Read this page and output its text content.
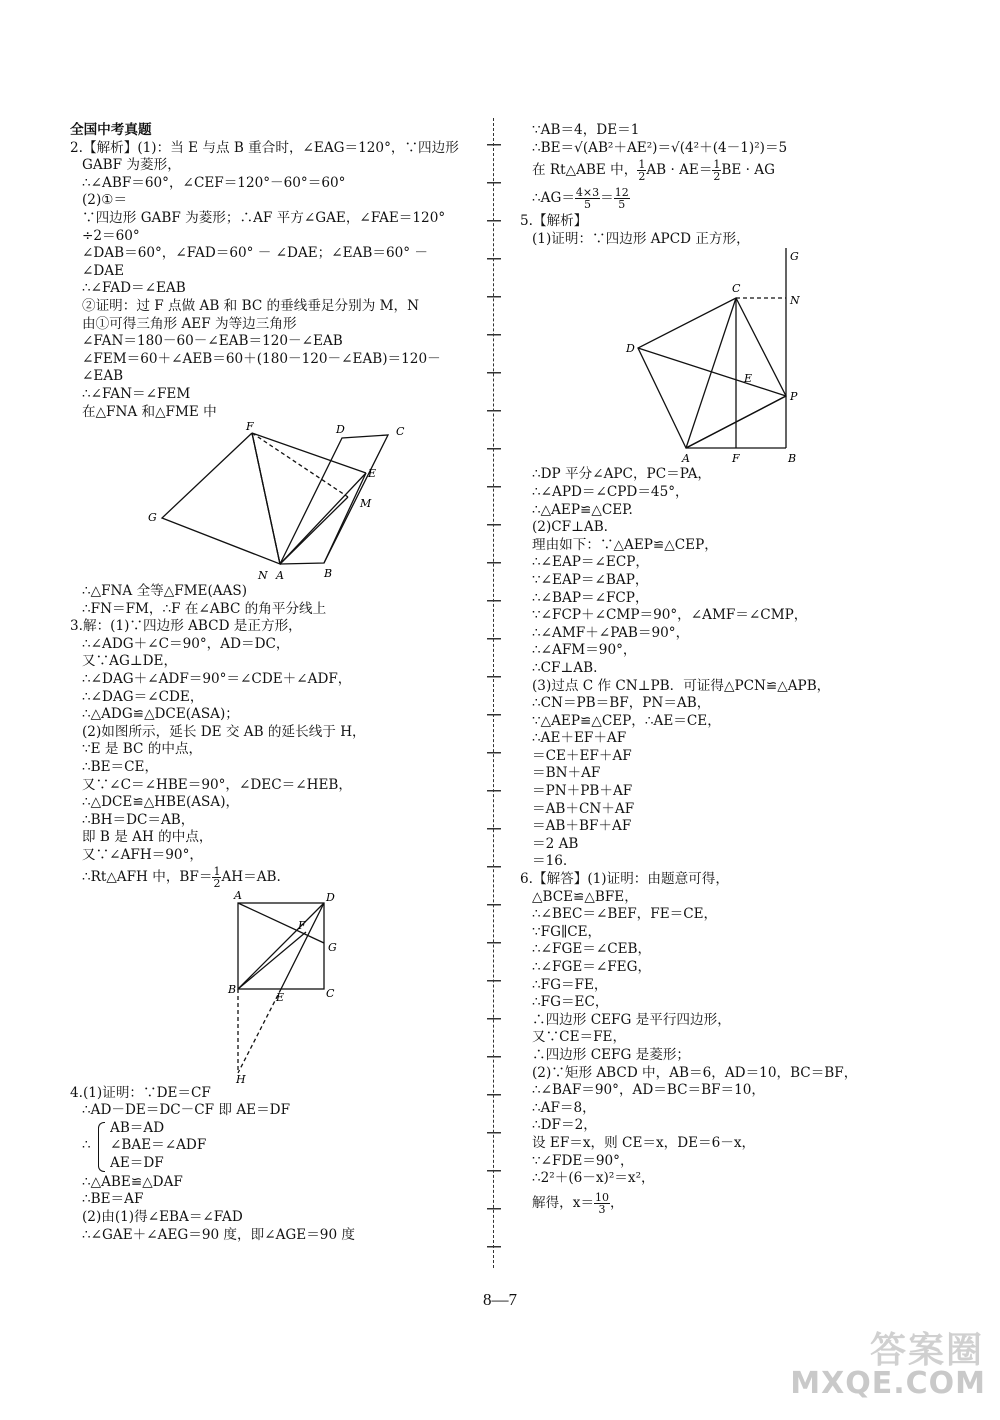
全国中考真题
2.【解析】(1)：当 E 与点 B 重合时，∠EAG＝120°，∵四边形
GABF 为菱形，
∴∠ABF＝60°，∠CEF＝120°－60°＝60°
(2)①＝
∵四边形 GABF 为菱形；∴AF 平方∠GAE，∠FAE＝120°
÷2＝60°
∠DAB＝60°，∠FAD＝60° － ∠DAE；∠EAB＝60° －
∠DAE
∴∠FAD＝∠EAB
②证明：过 F 点做 AB 和 BC 的垂线垂足分别为 M，N
由①可得三角形 AEF 为等边三角形
∠FAN＝180－60－∠EAB＝120－∠EAB
∠FEM＝60＋∠AEB＝60＋(180－120－∠EAB)＝120－
∠EAB
∴∠FAN＝∠FEM
在△FNA 和△FME 中
F	D	C
E
M
G
N A	B
∴△FNA 全等△FME(AAS)
∴FN＝FM，∴F 在∠ABC 的角平分线上
3.解：(1)∵四边形 ABCD 是正方形，
∴∠ADG＋∠C＝90°，AD＝DC，
又∵AG⊥DE，
∴∠DAG＋∠ADF＝90°＝∠CDE＋∠ADF，
∴∠DAG＝∠CDE，
∴△ADG≌△DCE(ASA)；
(2)如图所示，延长 DE 交 AB 的延长线于 H，
∵E 是 BC 的中点，
∴BE＝CE，
又∵∠C＝∠HBE＝90°，∠DEC＝∠HEB，
∴△DCE≌△HBE(ASA)，
∴BH＝DC＝AB，
即 B 是 AH 的中点，
又∵∠AFH＝90°，
∴Rt△AFH 中，$BF= \frac{1}{2} AH=AB$.
A	D
F
G
B
E	C
H
4.(1)证明：∵DE＝CF
∴AD－DE＝DC－CF 即 AE＝DF
∴
AB＝AD
∠BAE＝∠ADF
AE＝DF
∴△ABE≌△DAF
∴BE＝AF
(2)由(1)得∠EBA＝∠FAD
∴∠GAE＋∠AEG＝90 度，即∠AGE＝90 度
∵AB＝4，DE＝1
∴BE＝√(AB²＋AE²)＝√(4²＋(4－1)²)＝5
在 Rt△ABE 中， $\frac{1}{2}$ AB · $AE= \frac{1}{2}$ BE · AG
∴AG＝ $\frac{4\times 3}{5} = \frac{12}{5}$
5.【解析】
(1)证明：∵四边形 APCD 正方形，
G
C
N
D
E
P
A	F	B
∴DP 平分∠APC，PC＝PA，
∴∠APD＝∠CPD＝45°，
∴△AEP≌△CEP.
(2)CF⊥AB.
理由如下：∵△AEP≌△CEP，
∴∠EAP＝∠ECP，
∵∠EAP＝∠BAP，
∴∠BAP＝∠FCP，
∵∠FCP＋∠CMP＝90°，∠AMF＝∠CMP，
∴∠AMF＋∠PAB＝90°，
∴∠AFM＝90°，
∴CF⊥AB.
(3)过点 C 作 CN⊥PB．可证得△PCN≌△APB，
∴CN＝PB＝BF，PN＝AB，
∵△AEP≌△CEP，∴AE＝CE，
∴AE＋EF＋AF
＝CE＋EF＋AF
＝BN＋AF
＝PN＋PB＋AF
＝AB＋CN＋AF
＝AB＋BF＋AF
＝2 AB
＝16.
6.【解答】(1)证明：由题意可得，
△BCE≌△BFE，
∴∠BEC＝∠BEF，FE＝CE，
∵FG∥CE，
∴∠FGE＝∠CEB，
∴∠FGE＝∠FEG，
∴FG＝FE，
∴FG＝EC，
∴四边形 CEFG 是平行四边形，
又∵CE＝FE，
∴四边形 CEFG 是菱形；
(2)∵矩形 ABCD 中，AB＝6，AD＝10，BC＝BF，
∴∠BAF＝90°，AD＝BC＝BF＝10，
∴AF＝8，
∴DF＝2，
设 EF＝x，则 CE＝x，DE＝6－x，
∵∠FDE＝90°，
∴2²＋(6－x)²＝x²，
解得，$x= \frac{10}{3}$ ，
8—7
答案圈
MXQE.COM
